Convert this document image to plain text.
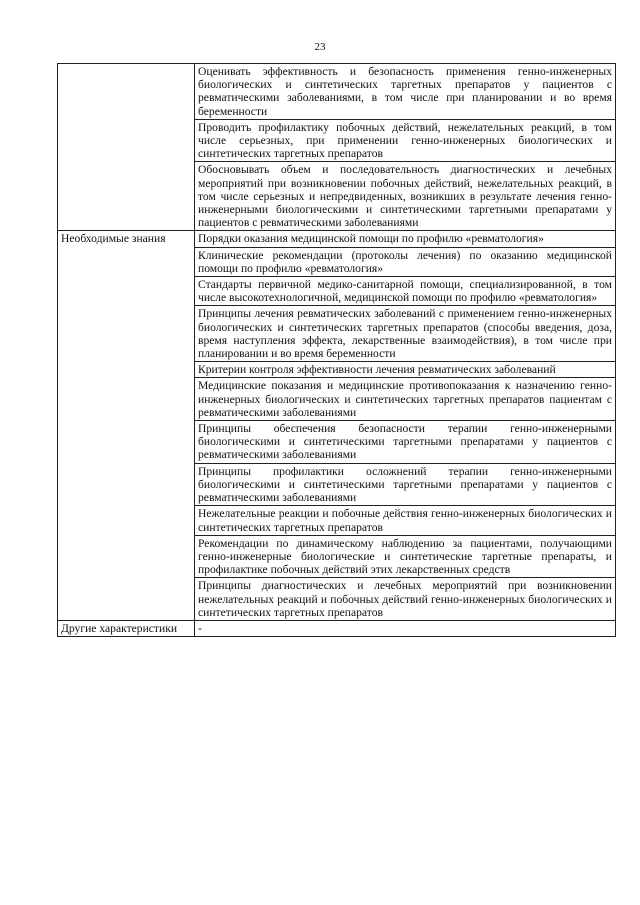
23
	Оценивать эффективность и безопасность применения генно-инженерных биологических и синтетических таргетных препаратов у пациентов с ревматическими заболеваниями, в том числе при планировании и во время беременности
	Проводить профилактику побочных действий, нежелательных реакций, в том числе серьезных, при применении генно-инженерных биологических и синтетических таргетных препаратов
	Обосновывать объем и последовательность диагностических и лечебных мероприятий при возникновении побочных действий, нежелательных реакций, в том числе серьезных и непредвиденных, возникших в результате лечения генно-инженерными биологическими и синтетическими таргетными препаратами у пациентов с ревматическими заболеваниями
Необходимые знания	Порядки оказания медицинской помощи по профилю «ревматология»
	Клинические рекомендации (протоколы лечения) по оказанию медицинской помощи по профилю «ревматология»
	Стандарты первичной медико-санитарной помощи, специализированной, в том числе высокотехнологичной, медицинской помощи по профилю «ревматология»
	Принципы лечения ревматических заболеваний с применением генно-инженерных биологических и синтетических таргетных препаратов (способы введения, доза, время наступления эффекта, лекарственные взаимодействия), в том числе при планировании и во время беременности
	Критерии контроля эффективности лечения ревматических заболеваний
	Медицинские показания и медицинские противопоказания к назначению генно-инженерных биологических и синтетических таргетных препаратов пациентам с ревматическими заболеваниями
	Принципы обеспечения безопасности терапии генно-инженерными биологическими и синтетическими таргетными препаратами у пациентов с ревматическими заболеваниями
	Принципы профилактики осложнений терапии генно-инженерными биологическими и синтетическими таргетными препаратами у пациентов с ревматическими заболеваниями
	Нежелательные реакции и побочные действия генно-инженерных биологических и синтетических таргетных препаратов
	Рекомендации по динамическому наблюдению за пациентами, получающими генно-инженерные биологические и синтетические таргетные препараты, и профилактике побочных действий этих лекарственных средств
	Принципы диагностических и лечебных мероприятий при возникновении нежелательных реакций и побочных действий генно-инженерных биологических и синтетических таргетных препаратов
Другие характеристики	-
